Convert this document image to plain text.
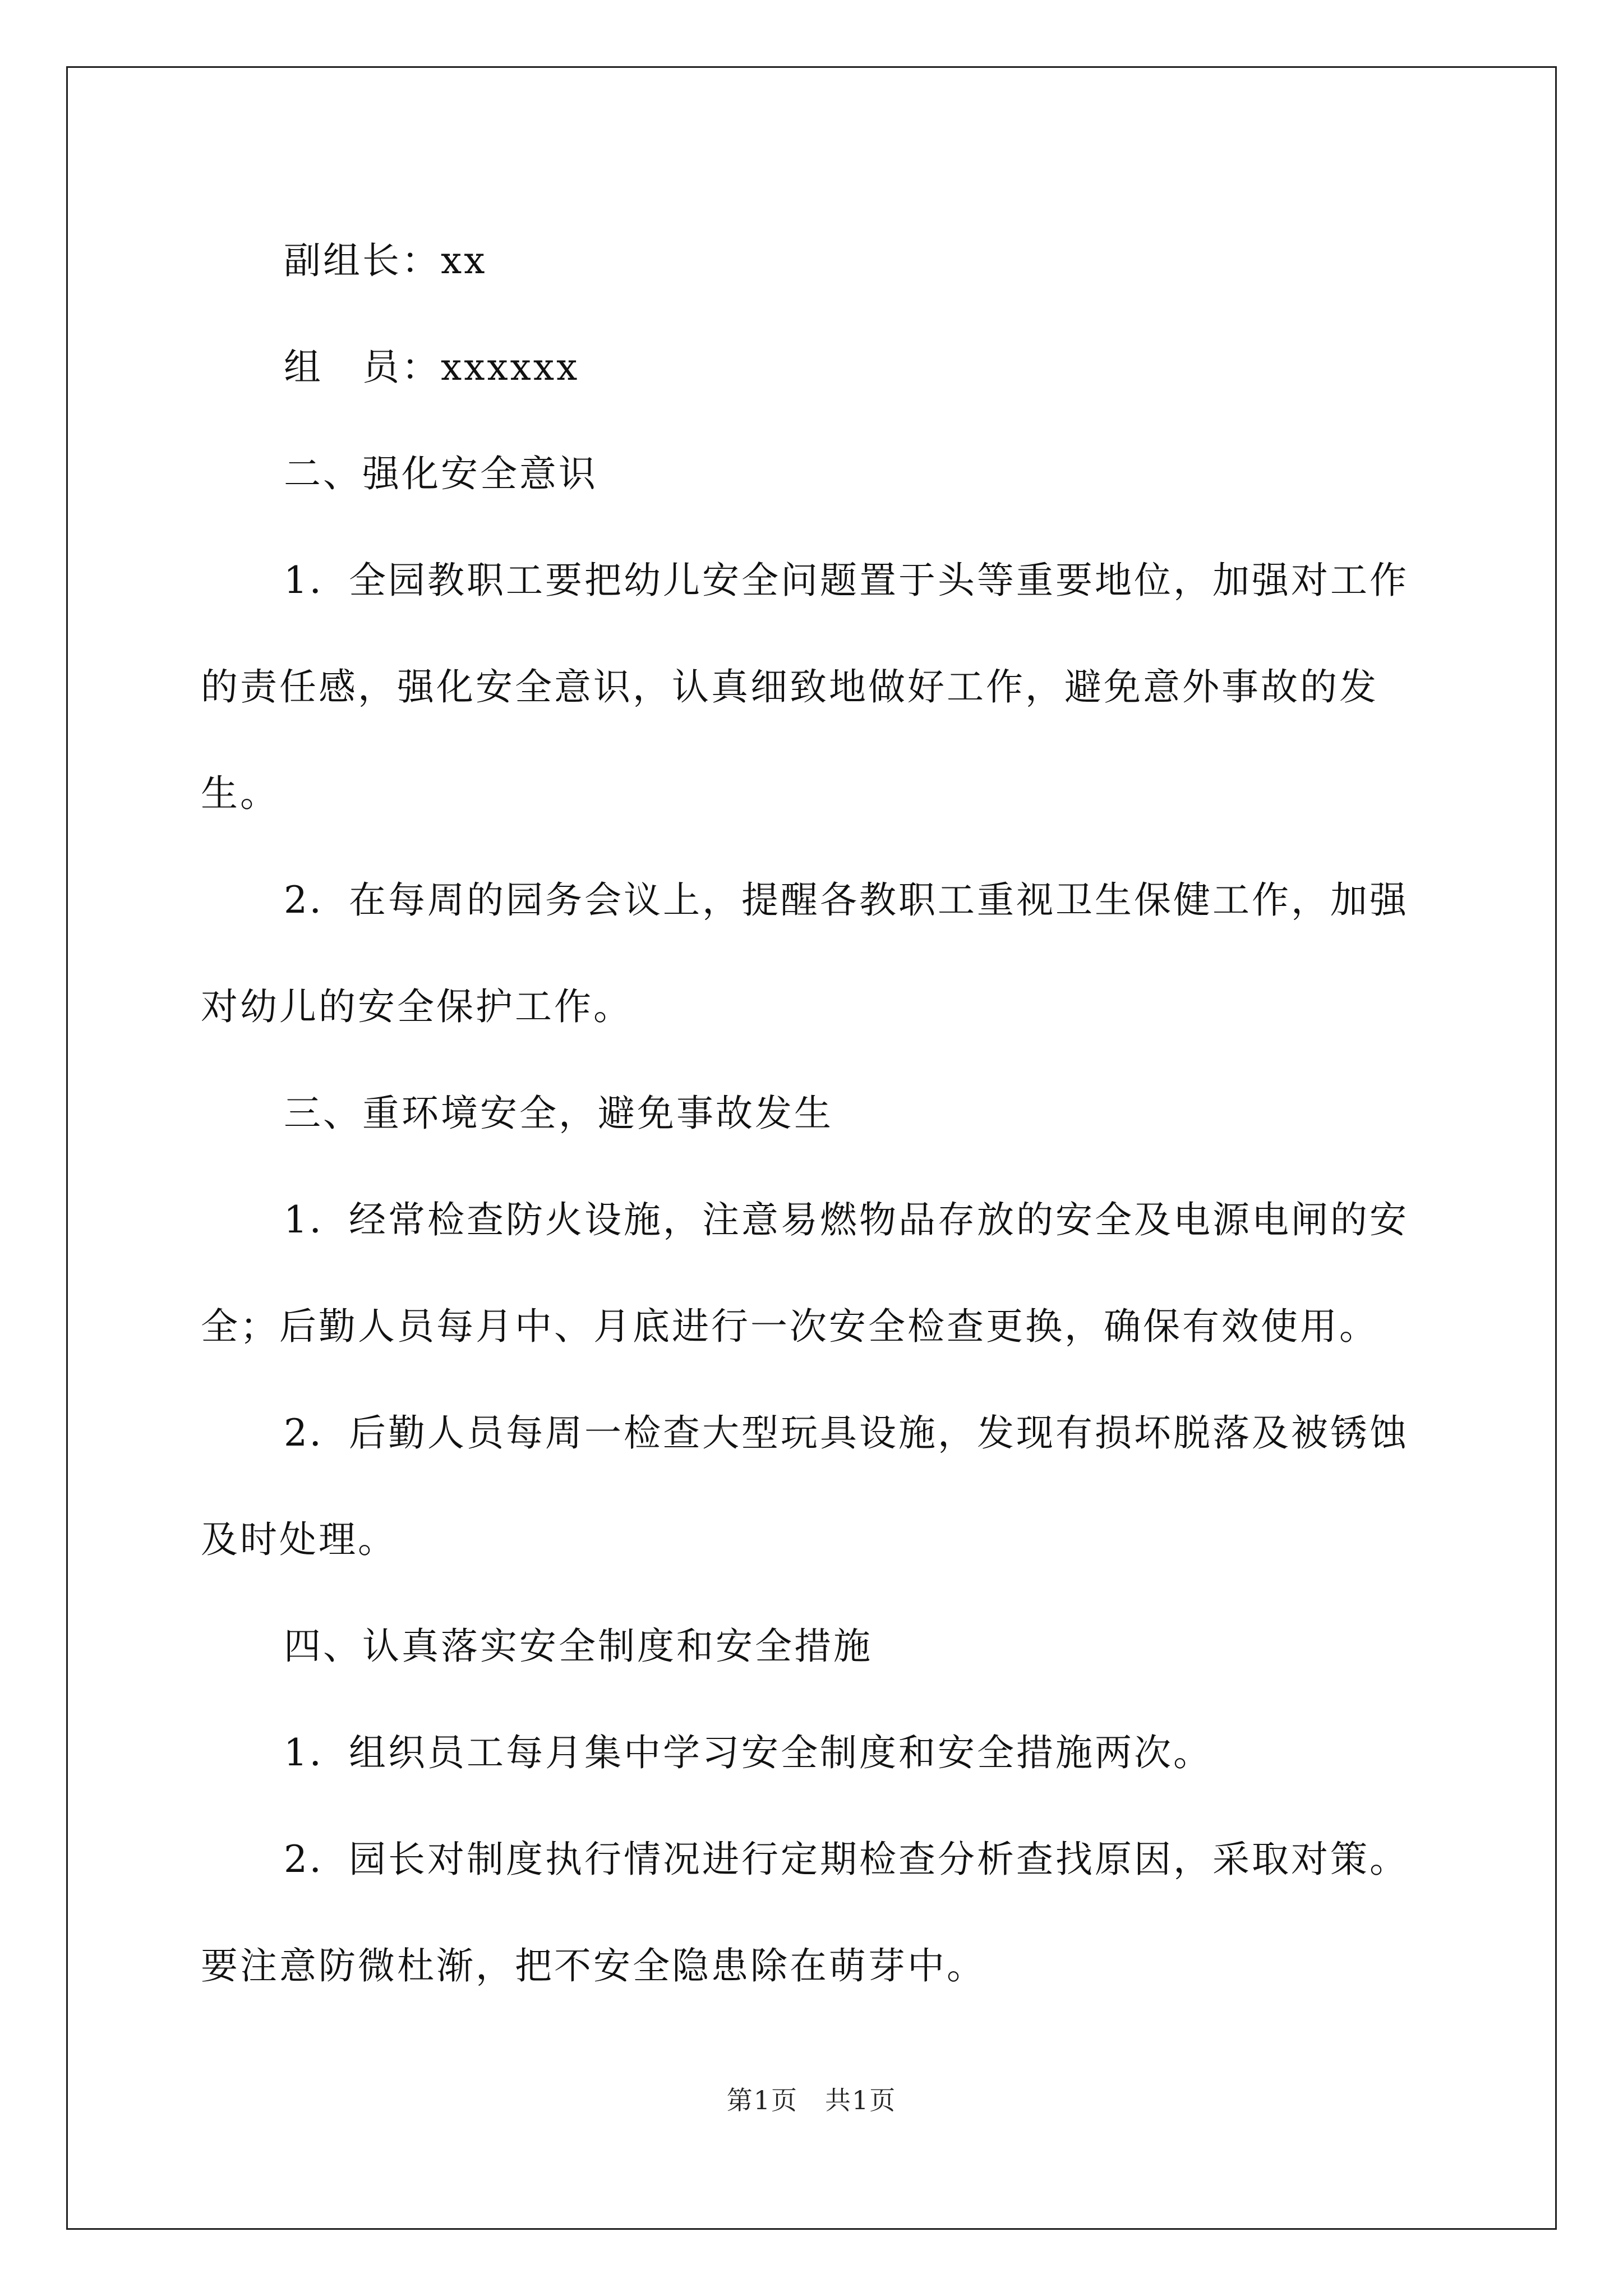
副组长：xx

组　员：xxxxxx

二、强化安全意识

1．全园教职工要把幼儿安全问题置于头等重要地位，加强对工作

的责任感，强化安全意识，认真细致地做好工作，避免意外事故的发

生。

2．在每周的园务会议上，提醒各教职工重视卫生保健工作，加强

对幼儿的安全保护工作。

三、重环境安全，避免事故发生

1．经常检查防火设施，注意易燃物品存放的安全及电源电闸的安

全；后勤人员每月中、月底进行一次安全检查更换，确保有效使用。

2．后勤人员每周一检查大型玩具设施，发现有损坏脱落及被锈蚀

及时处理。

四、认真落实安全制度和安全措施

1．组织员工每月集中学习安全制度和安全措施两次。

2．园长对制度执行情况进行定期检查分析查找原因，采取对策。

要注意防微杜渐，把不安全隐患除在萌芽中。

第1页　共1页
